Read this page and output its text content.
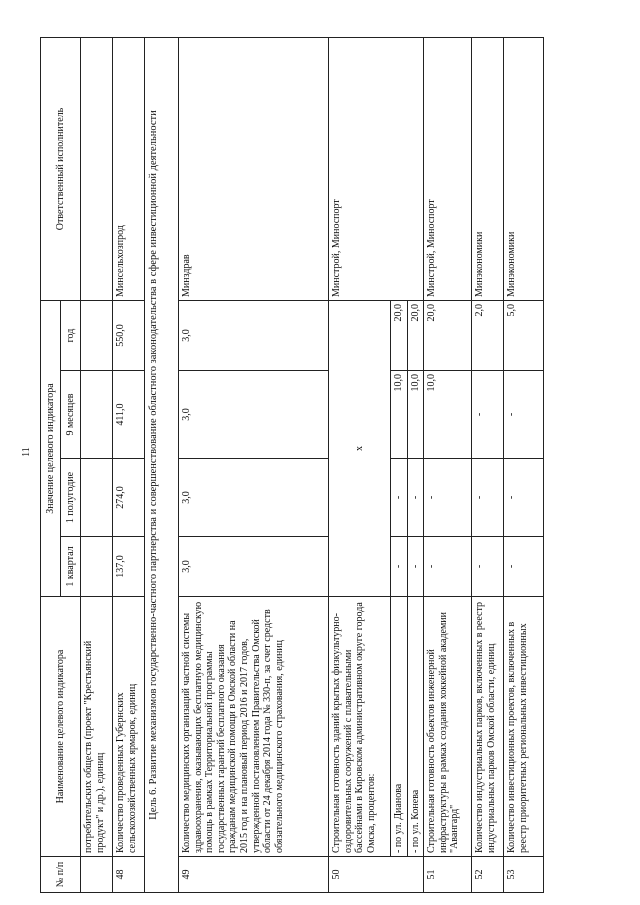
11
№ п/п	Наименование целевого индикатора	Значение целевого индикатора				Ответственный исполнитель
		1 квартал	1 полугодие	9 месяцев	год	
	потребительских обществ (проект "Крестьянский продукт" и др.), единиц					
48	Количество проведенных Губернских сельскохозяйственных ярмарок, единиц	137,0	274,0	411,0	550,0	Минсельхозпрод
Цель 6. Развитие механизмов государственно-частного партнерства и совершенствование областного законодательства в сфере инвестиционной деятельности						
49	Количество медицинских организаций частной системы здравоохранения, оказывающих бесплатную медицинскую помощь в рамках Территориальной программы государственных гарантий бесплатного оказания гражданам медицинской помощи в Омской области на 2015 год и на плановый период 2016 и 2017 годов, утвержденной постановлением Правительства Омской области от 24 декабря 2014 года № 330-п, за счет средств обязательного медицинского страхования, единиц	3,0	3,0	3,0	3,0	Минздрав
50	Строительная готовность зданий крытых физкультурно-оздоровительных сооружений с плавательными бассейнами в Кировском административном округе города Омска, процентов:	х				Минстрой, Миноспорт
	- по ул. Дианова	-	-	10,0	20,0	
	- по ул. Конева	-	-	10,0	20,0	
51	Строительная готовность объектов инженерной инфраструктуры в рамках создания хоккейной академии "Авангард"	-	-	10,0	20,0	Минстрой, Миноспорт
52	Количество индустриальных парков, включенных в реестр индустриальных парков Омской области, единиц	-	-	-	2,0	Минэкономики
53	Количество инвестиционных проектов, включенных в реестр приоритетных региональных инвестиционных	-	-	-	5,0	Минэкономики
